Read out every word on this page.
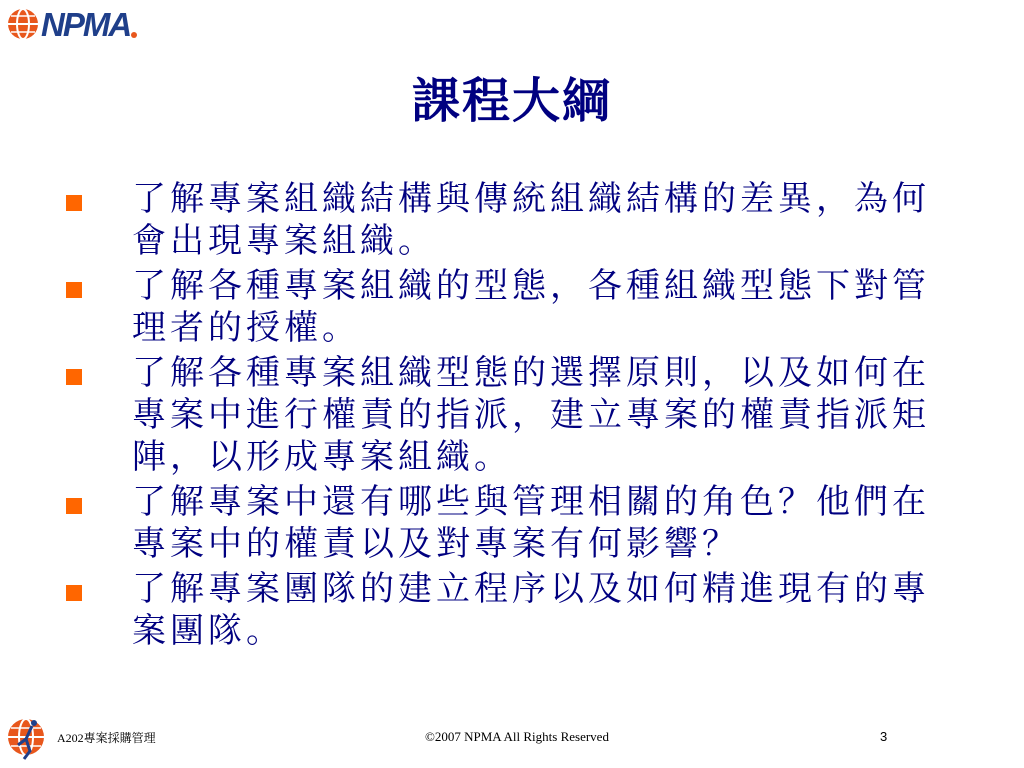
NPMA
課程大綱
了解專案組織結構與傳統組織結構的差異，為何會出現專案組織。
了解各種專案組織的型態，各種組織型態下對管理者的授權。
了解各種專案組織型態的選擇原則，以及如何在專案中進行權責的指派，建立專案的權責指派矩陣，以形成專案組織。
了解專案中還有哪些與管理相關的角色？他們在專案中的權責以及對專案有何影響？
了解專案團隊的建立程序以及如何精進現有的專案團隊。
A202專案採購管理	©2007 NPMA All Rights Reserved	3
